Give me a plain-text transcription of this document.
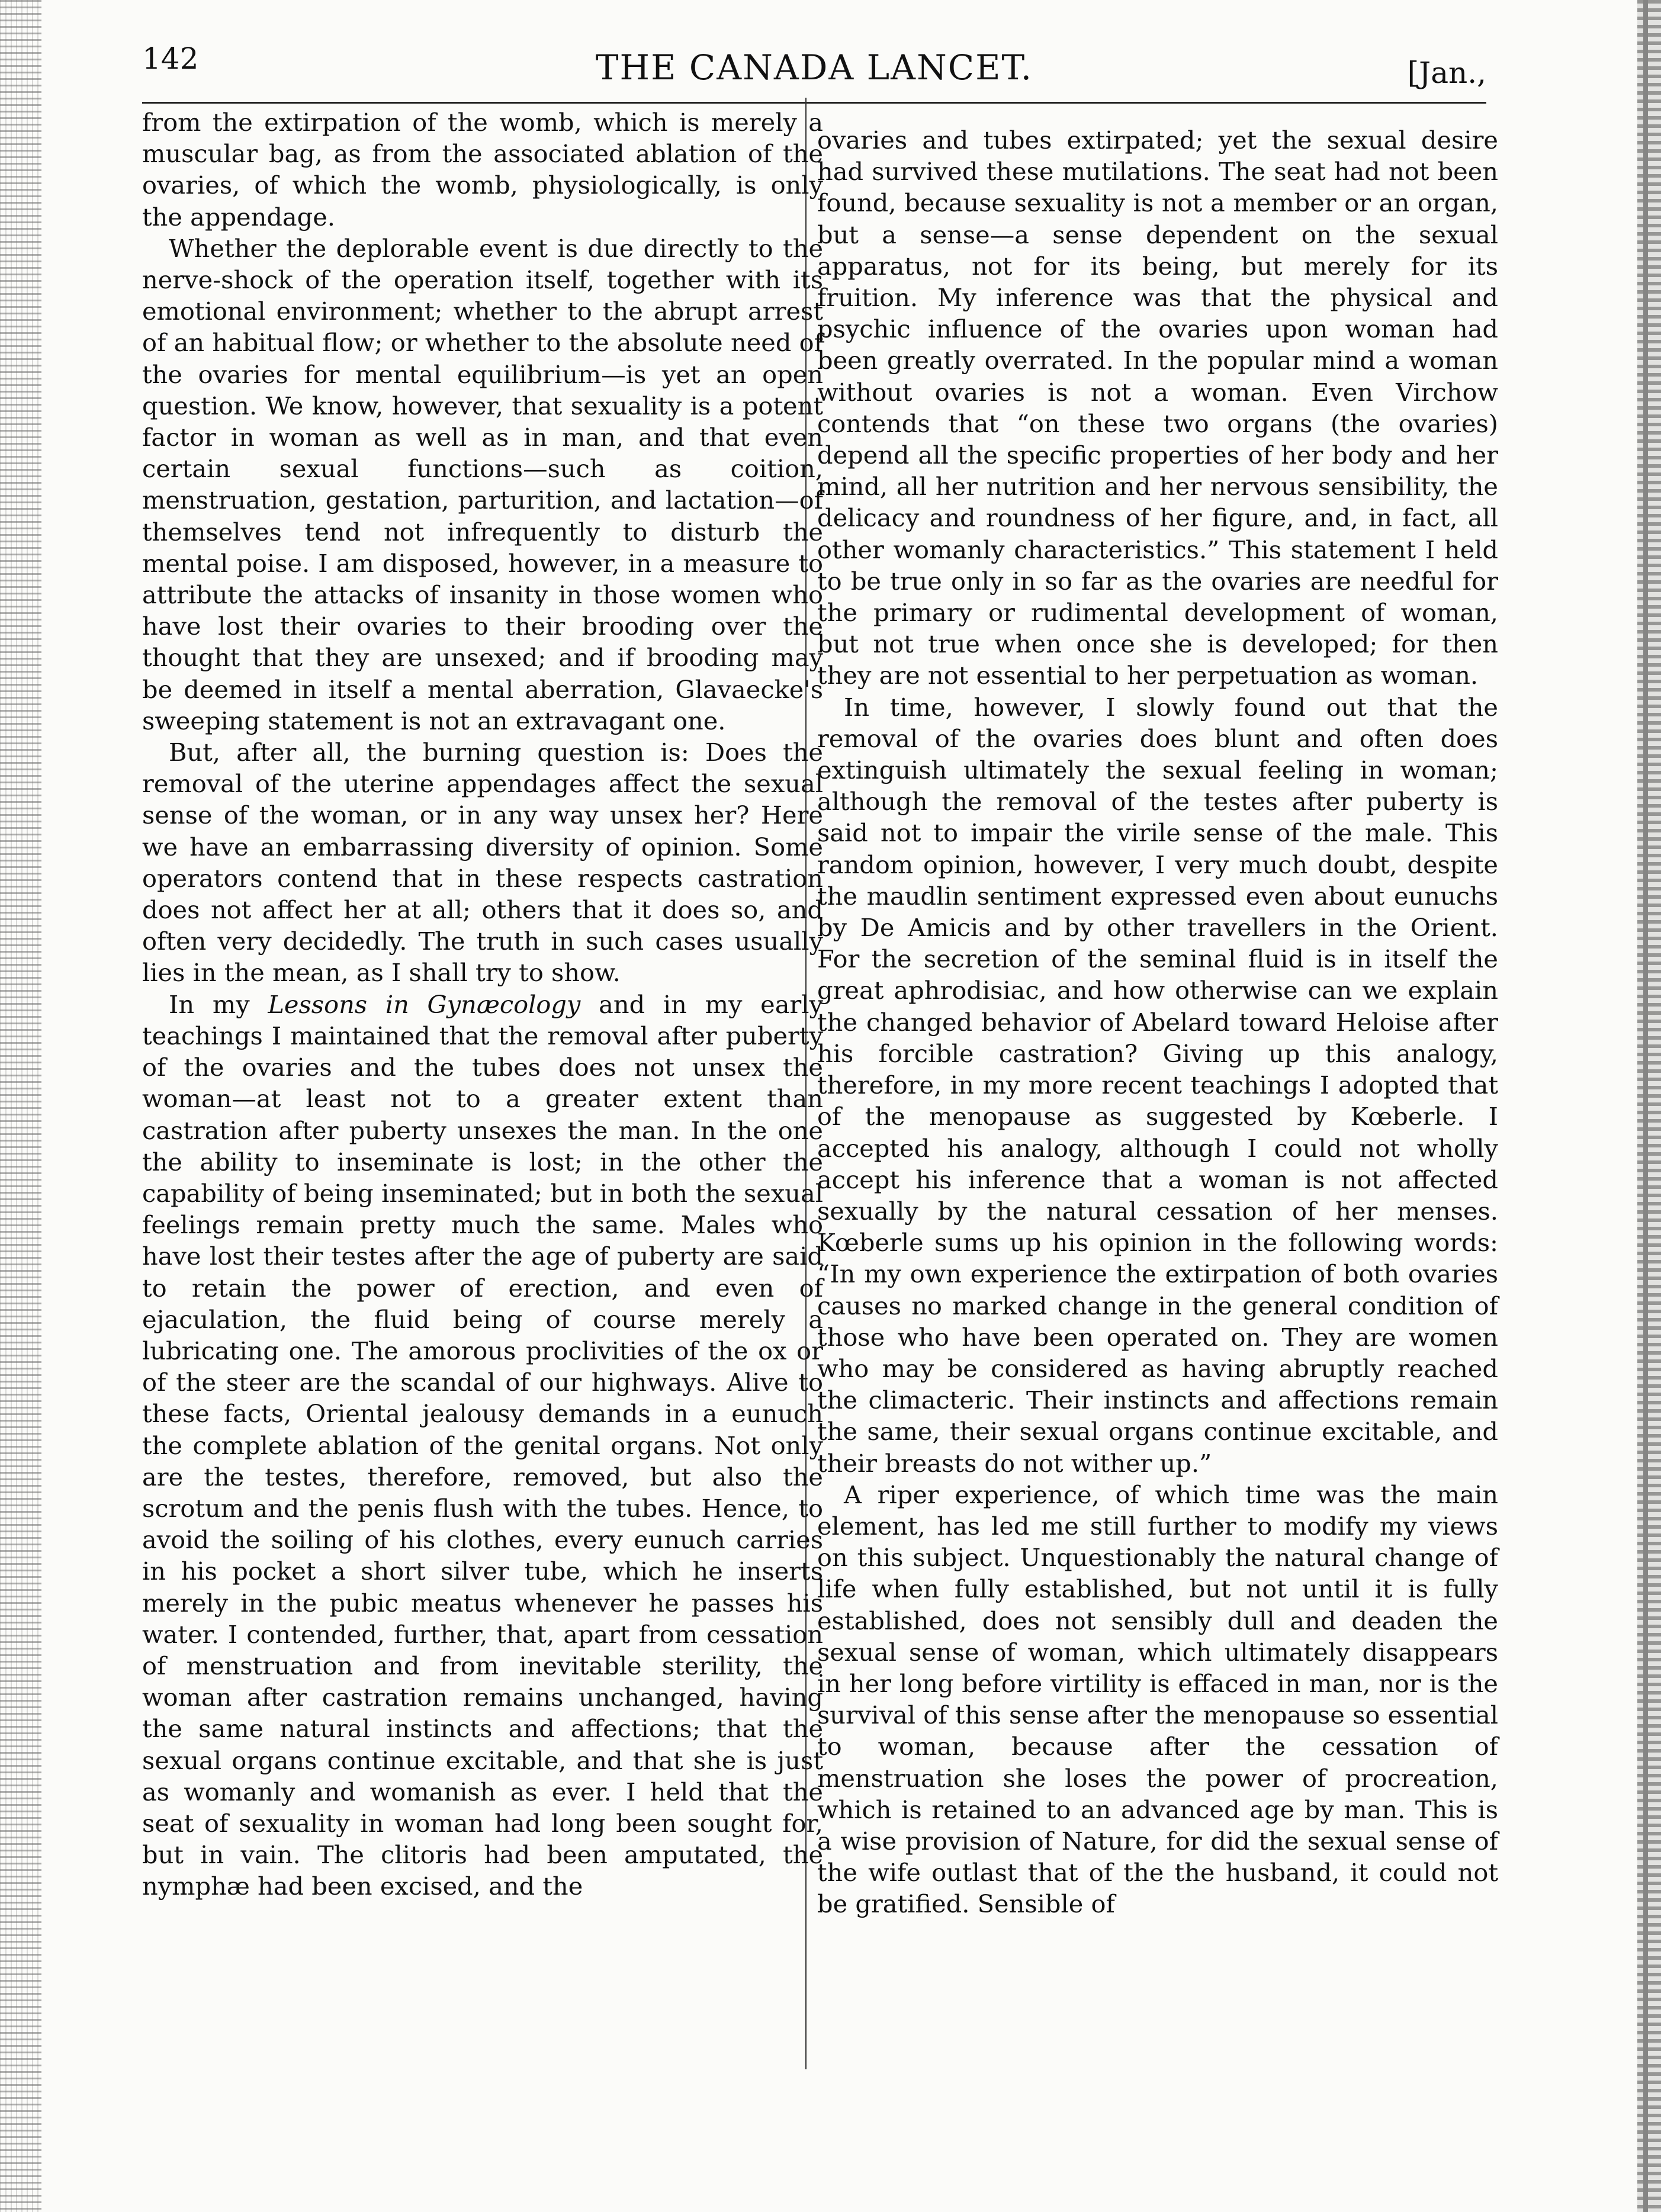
142	THE CANADA LANCET.	[Jan.,

from the extirpation of the womb, which is merely a muscular bag, as from the associated ablation of the ovaries, of which the womb, physiologically, is only the appendage.

Whether the deplorable event is due directly to the nerve-shock of the operation itself, together with its emotional environment; whether to the abrupt arrest of an habitual flow; or whether to the absolute need of the ovaries for mental equilibrium—is yet an open question. We know, however, that sexuality is a potent factor in woman as well as in man, and that even certain sexual functions—such as coition, menstruation, gestation, parturition, and lactation—of themselves tend not infrequently to disturb the mental poise. I am disposed, however, in a measure to attribute the attacks of insanity in those women who have lost their ovaries to their brooding over the thought that they are unsexed; and if brooding may be deemed in itself a mental aberration, Glavaecke's sweeping statement is not an extravagant one.

But, after all, the burning question is: Does the removal of the uterine appendages affect the sexual sense of the woman, or in any way unsex her? Here we have an embarrassing diversity of opinion. Some operators contend that in these respects castration does not affect her at all; others that it does so, and often very decidedly. The truth in such cases usually lies in the mean, as I shall try to show.

In my Lessons in Gynæcology and in my early teachings I maintained that the removal after puberty of the ovaries and the tubes does not unsex the woman—at least not to a greater extent than castration after puberty unsexes the man. In the one the ability to inseminate is lost; in the other the capability of being inseminated; but in both the sexual feelings remain pretty much the same. Males who have lost their testes after the age of puberty are said to retain the power of erection, and even of ejaculation, the fluid being of course merely a lubricating one. The amorous proclivities of the ox or of the steer are the scandal of our highways. Alive to these facts, Oriental jealousy demands in a eunuch the complete ablation of the genital organs. Not only are the testes, therefore, removed, but also the scrotum and the penis flush with the tubes. Hence, to avoid the soiling of his clothes, every eunuch carries in his pocket a short silver tube, which he inserts merely in the pubic meatus whenever he passes his water. I contended, further, that, apart from cessation of menstruation and from inevitable sterility, the woman after castration remains unchanged, having the same natural instincts and affections; that the sexual organs continue excitable, and that she is just as womanly and womanish as ever. I held that the seat of sexuality in woman had long been sought for, but in vain. The clitoris had been amputated, the nymphæ had been excised, and the

ovaries and tubes extirpated; yet the sexual desire had survived these mutilations. The seat had not been found, because sexuality is not a member or an organ, but a sense—a sense dependent on the sexual apparatus, not for its being, but merely for its fruition. My inference was that the physical and psychic influence of the ovaries upon woman had been greatly overrated. In the popular mind a woman without ovaries is not a woman. Even Virchow contends that “on these two organs (the ovaries) depend all the specific properties of her body and her mind, all her nutrition and her nervous sensibility, the delicacy and roundness of her figure, and, in fact, all other womanly characteristics.” This statement I held to be true only in so far as the ovaries are needful for the primary or rudimental development of woman, but not true when once she is developed; for then they are not essential to her perpetuation as woman.

In time, however, I slowly found out that the removal of the ovaries does blunt and often does extinguish ultimately the sexual feeling in woman; although the removal of the testes after puberty is said not to impair the virile sense of the male. This random opinion, however, I very much doubt, despite the maudlin sentiment expressed even about eunuchs by De Amicis and by other travellers in the Orient. For the secretion of the seminal fluid is in itself the great aphrodisiac, and how otherwise can we explain the changed behavior of Abelard toward Heloise after his forcible castration? Giving up this analogy, therefore, in my more recent teachings I adopted that of the menopause as suggested by Kœberle. I accepted his analogy, although I could not wholly accept his inference that a woman is not affected sexually by the natural cessation of her menses. Kœberle sums up his opinion in the following words: “In my own experience the extirpation of both ovaries causes no marked change in the general condition of those who have been operated on. They are women who may be considered as having abruptly reached the climacteric. Their instincts and affections remain the same, their sexual organs continue excitable, and their breasts do not wither up.”

A riper experience, of which time was the main element, has led me still further to modify my views on this subject. Unquestionably the natural change of life when fully established, but not until it is fully established, does not sensibly dull and deaden the sexual sense of woman, which ultimately disappears in her long before virtility is effaced in man, nor is the survival of this sense after the menopause so essential to woman, because after the cessation of menstruation she loses the power of procreation, which is retained to an advanced age by man. This is a wise provision of Nature, for did the sexual sense of the wife outlast that of the the husband, it could not be gratified. Sensible of
